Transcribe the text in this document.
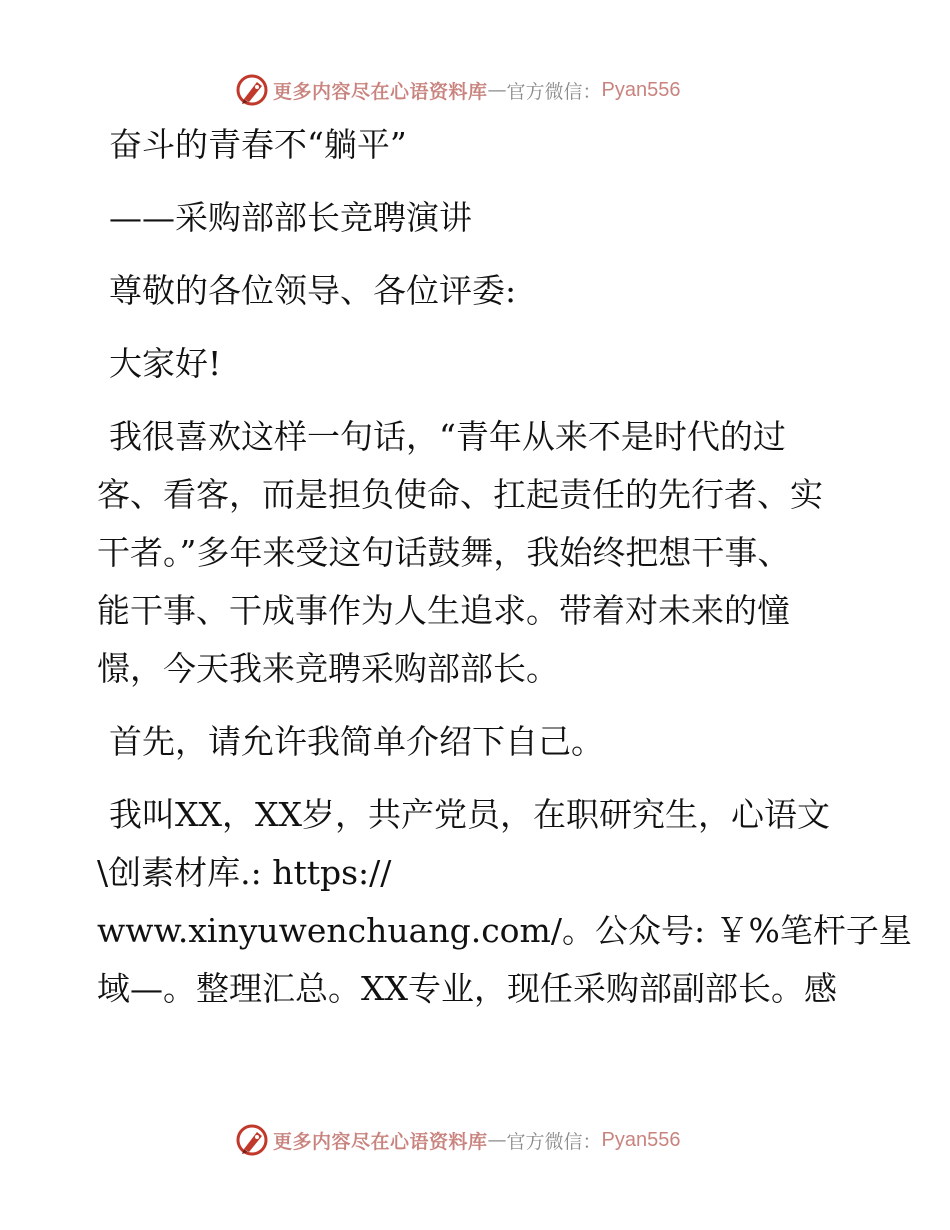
更多内容尽在心语资料库 — 官方微信： Pyan556
奋斗的青春不“躺平”
——采购部部长竞聘演讲
尊敬的各位领导、各位评委:
大家好!
我很喜欢这样一句话，“青年从来不是时代的过
客、看客，而是担负使命、扛起责任的先行者、实
干者。”多年来受这句话鼓舞，我始终把想干事、
能干事、干成事作为人生追求。带着对未来的憧
憬，今天我来竞聘采购部部长。
首先，请允许我简单介绍下自己。
我叫XX，XX岁，共产党员，在职研究生，心语文
\创素材库.: https://
www.xinyuwenchuang.com/。公众号: ￥%笔杆子星
域—。整理汇总。XX专业，现任采购部副部长。感
更多内容尽在心语资料库 — 官方微信： Pyan556
